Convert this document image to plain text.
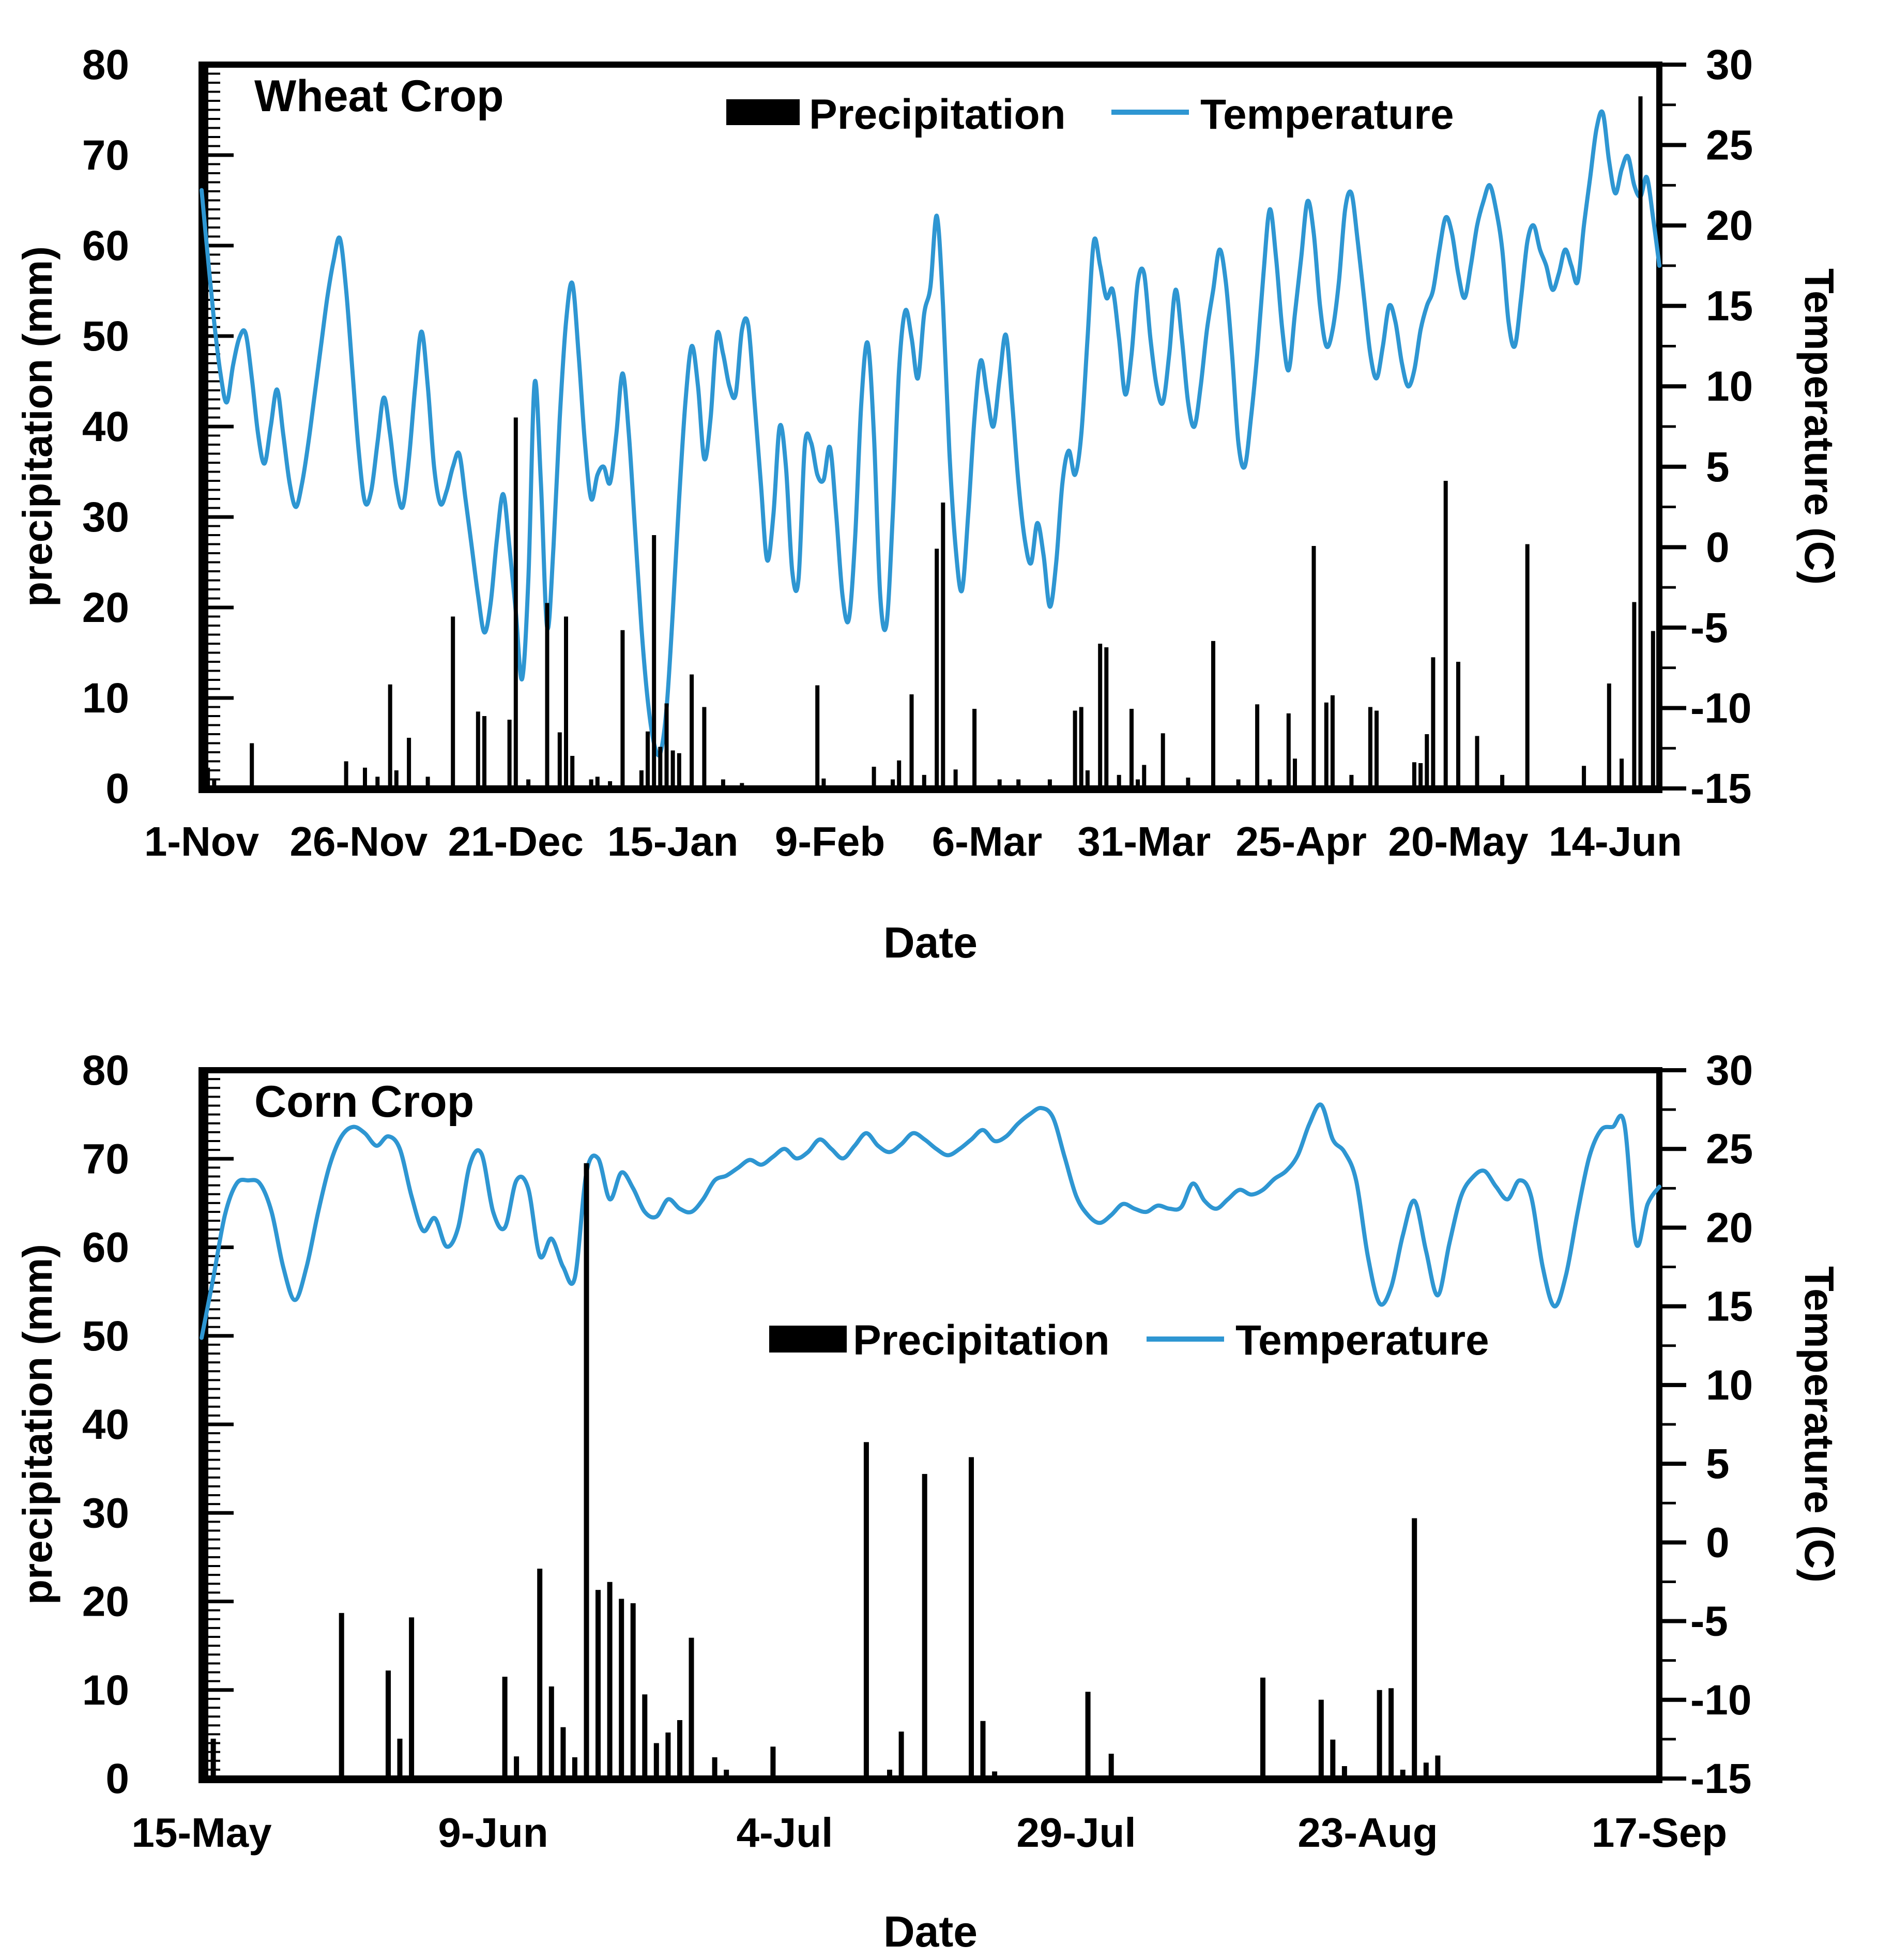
0
10
20
30
40
50
60
70
80
-15
-10
-5
0
5
10
15
20
25
30
1-Nov 26-Nov 21-Dec 15-Jan 9-Feb 6-Mar 31-Mar 25-Apr 20-May 14-Jun
precipitation (mm)	Temperature (C)
Date
Wheat Crop	Precipitation	Temperature
0
10
20
30
40
50
60
70
80
-15
-10
-5
0
5
10
15
20
25
30
15-May	9-Jun	4-Jul	29-Jul	23-Aug	17-Sep
precipitation (mm)	Temperature (C)
Date
Corn Crop
Precipitation	Temperature
